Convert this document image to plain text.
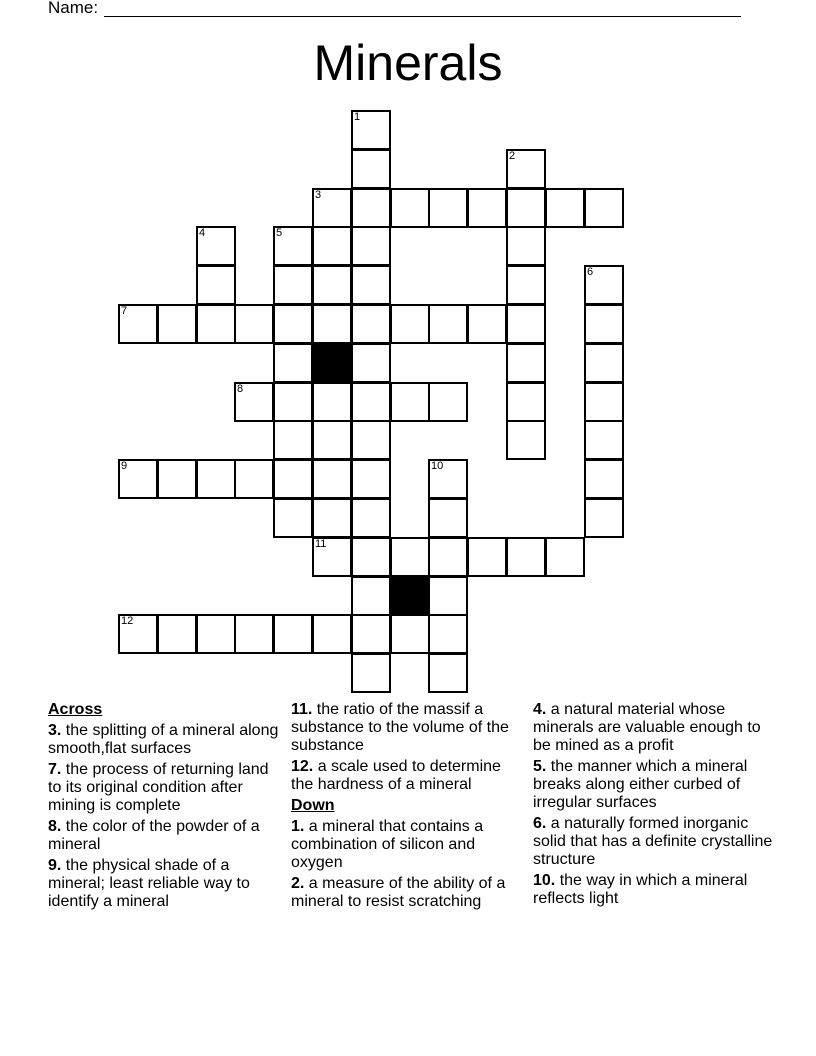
Name:
Minerals
1
2
3
4	5
6
7
8
9	10
11
12
Across
3. the splitting of a mineral along smooth,flat surfaces
7. the process of returning land to its original condition after mining is complete
8. the color of the powder of a mineral
9. the physical shade of a mineral; least reliable way to identify a mineral
11. the ratio of the massif a substance to the volume of the substance
12. a scale used to determine the hardness of a mineral
Down
1. a mineral that contains a combination of silicon and oxygen
2. a measure of the ability of a mineral to resist scratching
4. a natural material whose minerals are valuable enough to be mined as a profit
5. the manner which a mineral breaks along either curbed of irregular surfaces
6. a naturally formed inorganic solid that has a definite crystalline structure
10. the way in which a mineral reflects light
